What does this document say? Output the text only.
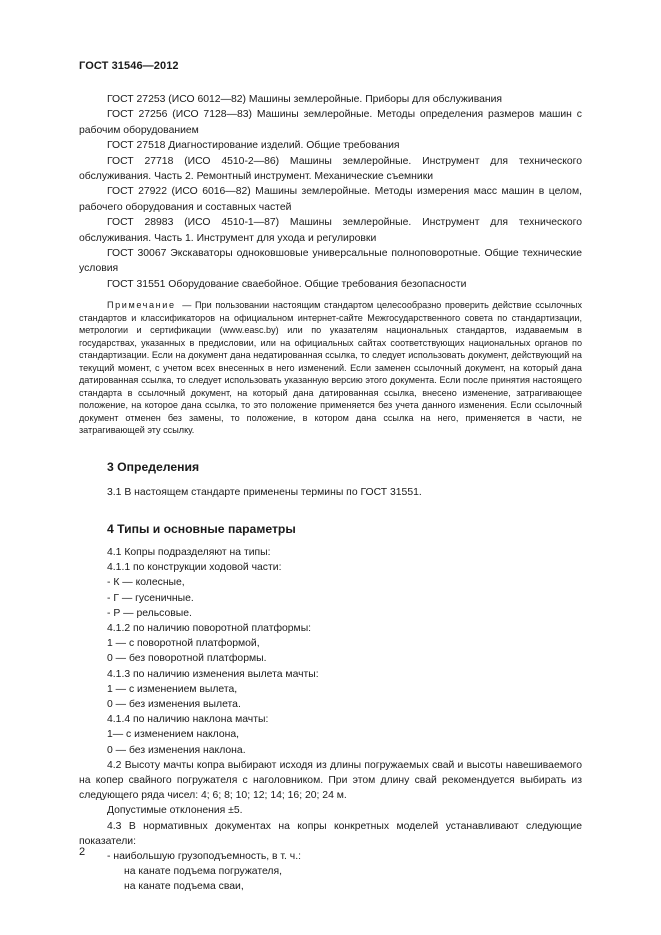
ГОСТ 31546—2012

ГОСТ 27253 (ИСО 6012—82) Машины землеройные. Приборы для обслуживания

ГОСТ 27256 (ИСО 7128—83) Машины землеройные. Методы определения размеров машин с рабочим оборудованием

ГОСТ 27518 Диагностирование изделий. Общие требования

ГОСТ 27718 (ИСО 4510-2—86) Машины землеройные. Инструмент для технического обслуживания. Часть 2. Ремонтный инструмент. Механические съемники

ГОСТ 27922 (ИСО 6016—82) Машины землеройные. Методы измерения масс машин в целом, рабочего оборудования и составных частей

ГОСТ 28983 (ИСО 4510-1—87) Машины землеройные. Инструмент для технического обслуживания. Часть 1. Инструмент для ухода и регулировки

ГОСТ 30067 Экскаваторы одноковшовые универсальные полноповоротные. Общие технические условия

ГОСТ 31551 Оборудование сваебойное. Общие требования безопасности

Примечание — При пользовании настоящим стандартом целесообразно проверить действие ссылочных стандартов и классификаторов на официальном интернет-сайте Межгосударственного совета по стандартизации, метрологии и сертификации (www.easc.by) или по указателям национальных стандартов, издаваемым в государствах, указанных в предисловии, или на официальных сайтах соответствующих национальных органов по стандартизации. Если на документ дана недатированная ссылка, то следует использовать документ, действующий на текущий момент, с учетом всех внесенных в него изменений. Если заменен ссылочный документ, на который дана датированная ссылка, то следует использовать указанную версию этого документа. Если после принятия настоящего стандарта в ссылочный документ, на который дана датированная ссылка, внесено изменение, затрагивающее положение, на которое дана ссылка, то это положение применяется без учета данного изменения. Если ссылочный документ отменен без замены, то положение, в котором дана ссылка на него, применяется в части, не затрагивающей эту ссылку.

3 Определения

3.1 В настоящем стандарте применены термины по ГОСТ 31551.

4 Типы и основные параметры

4.1 Копры подразделяют на типы:

4.1.1 по конструкции ходовой части:

- К — колесные,

- Г — гусеничные.

- Р — рельсовые.

4.1.2 по наличию поворотной платформы:

1 — с поворотной платформой,

0 — без поворотной платформы.

4.1.3 по наличию изменения вылета мачты:

1 — с изменением вылета,

0 — без изменения вылета.

4.1.4 по наличию наклона мачты:

1— с изменением наклона,

0 — без изменения наклона.

4.2 Высоту мачты копра выбирают исходя из длины погружаемых свай и высоты навешиваемого на копер свайного погружателя с наголовником. При этом длину свай рекомендуется выбирать из следующего ряда чисел: 4; 6; 8; 10; 12; 14; 16; 20; 24 м.

Допустимые отклонения ±5.

4.3 В нормативных документах на копры конкретных моделей устанавливают следующие показатели:

- наибольшую грузоподъемность, в т. ч.:

на канате подъема погружателя,

на канате подъема сваи,

2
